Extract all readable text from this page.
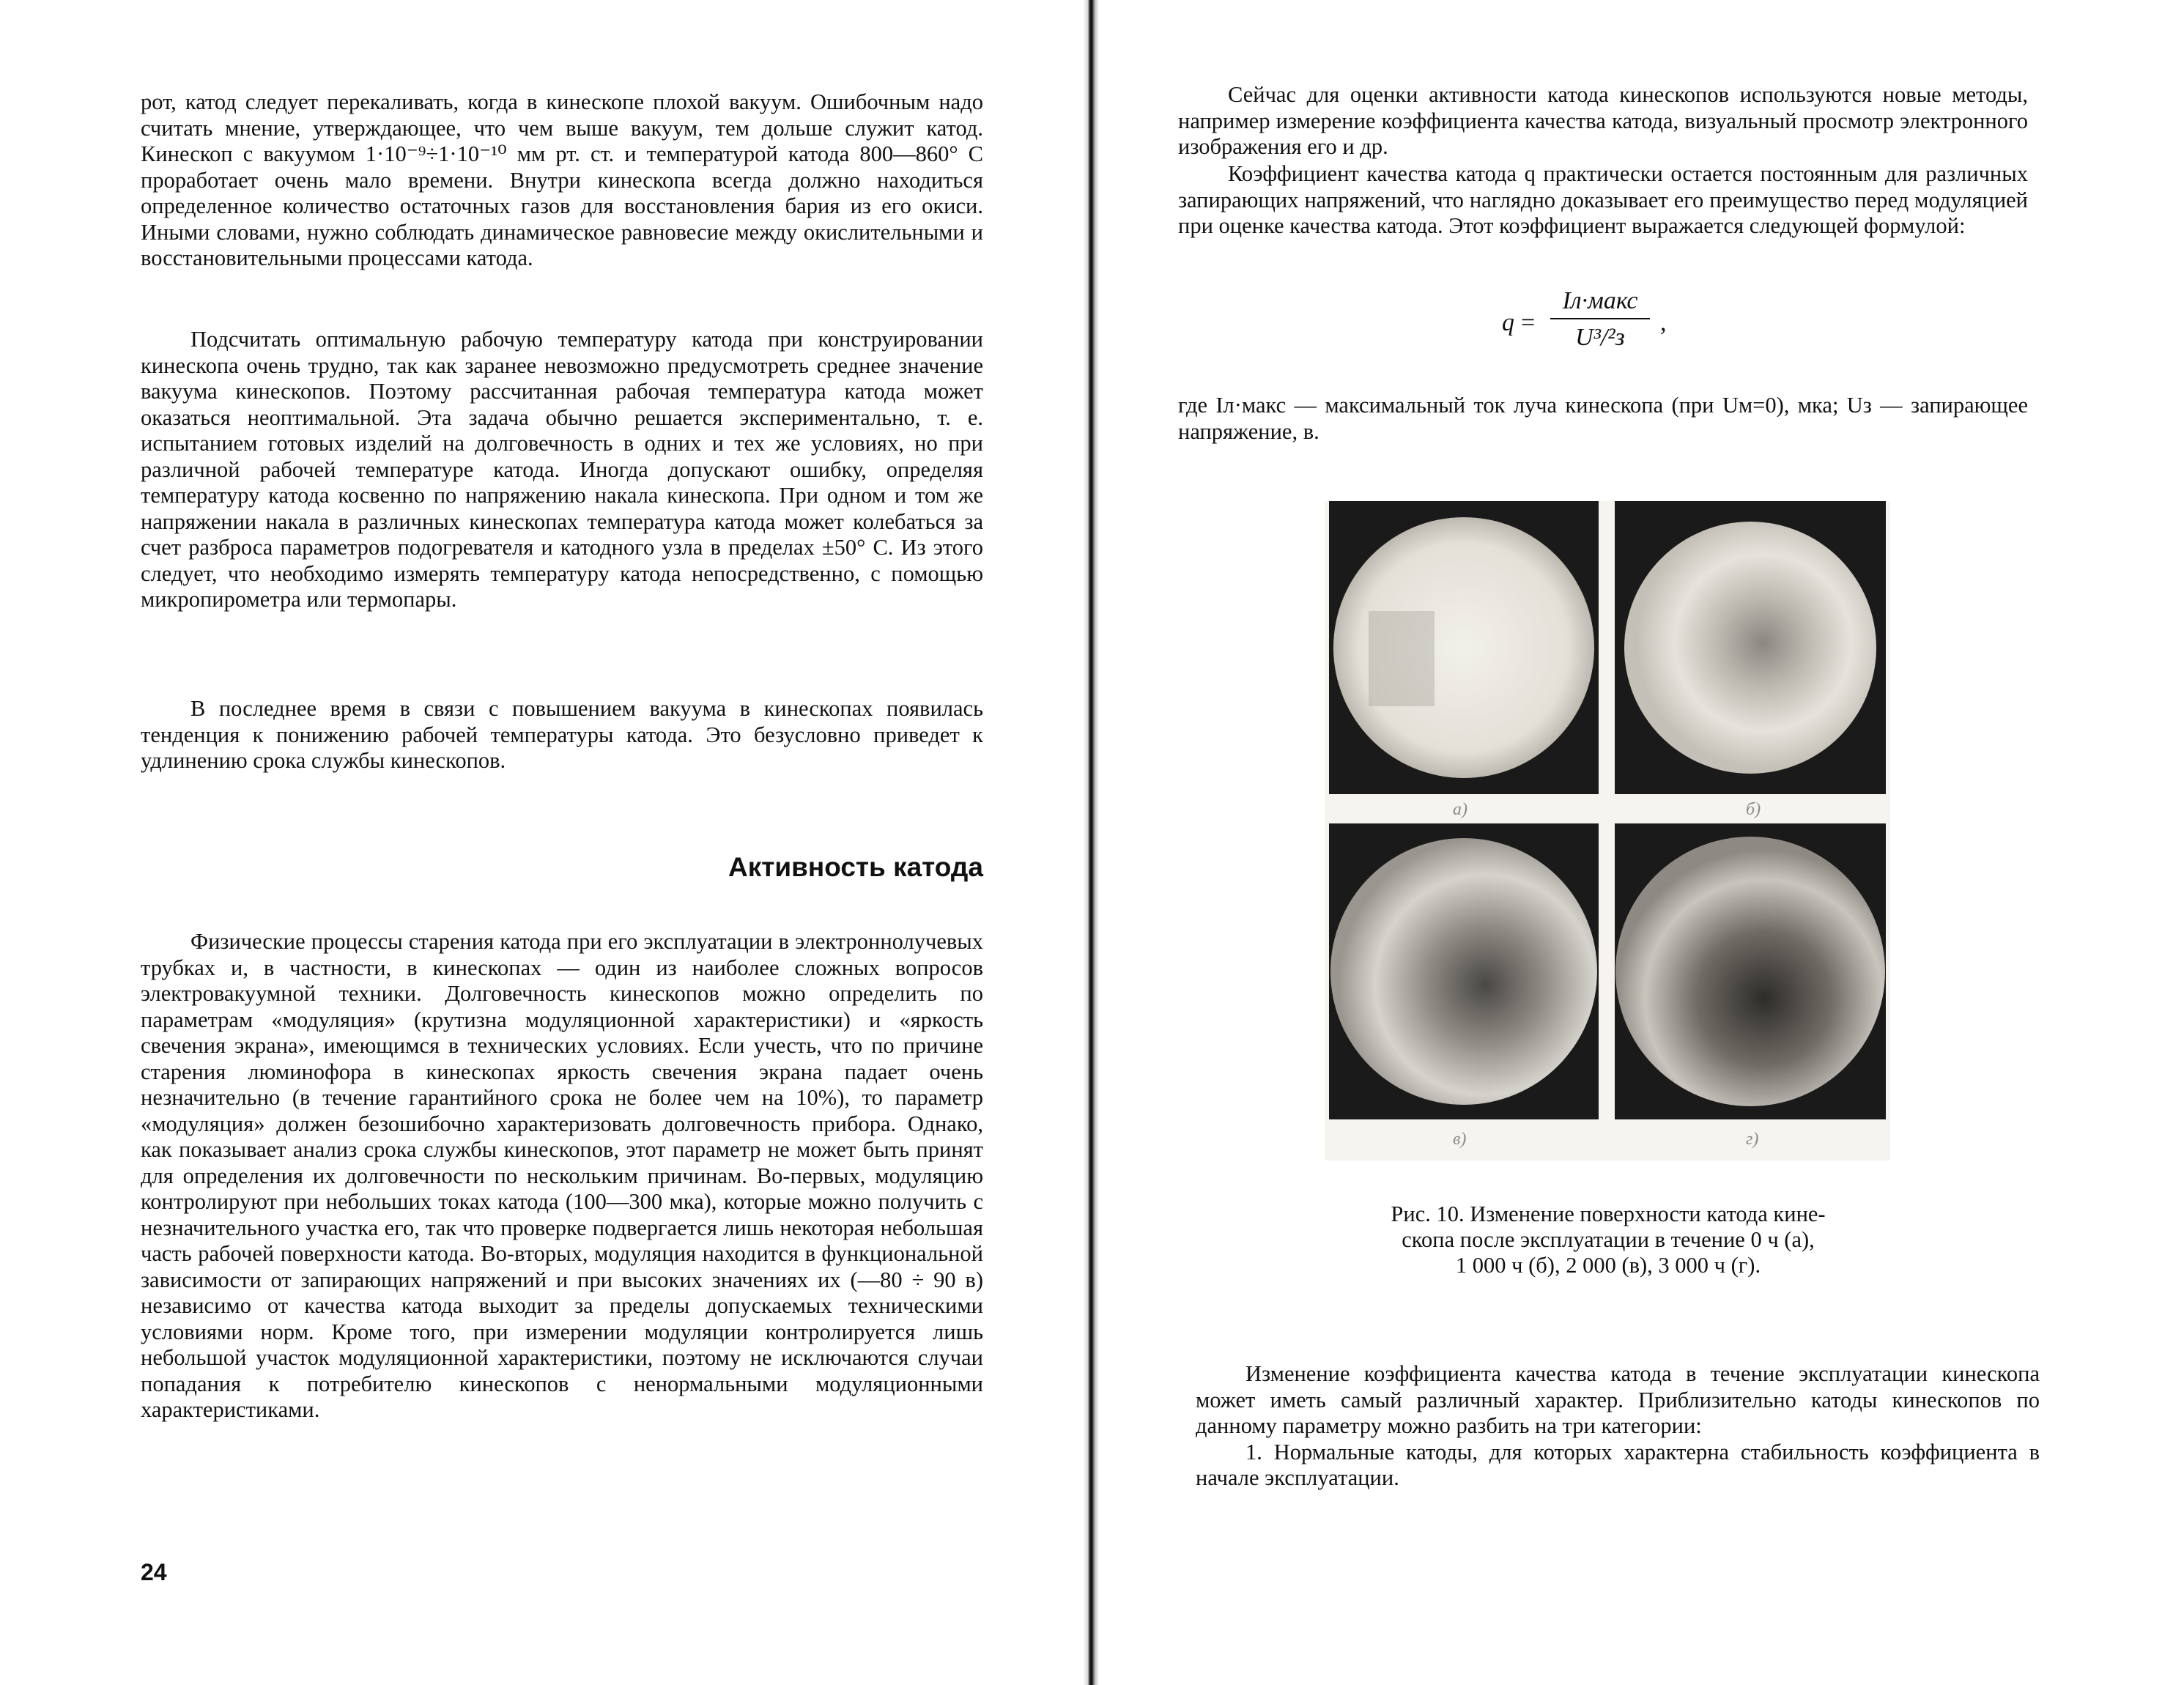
рот, катод следует перекаливать, когда в кинескопе плохой вакуум. Ошибочным надо считать мнение, утверждающее, что чем выше вакуум, тем дольше служит катод. Кинескоп с вакуумом 1·10⁻⁹÷1·10⁻¹⁰ мм рт. ст. и температурой катода 800—860° С проработает очень мало времени. Внутри кинескопа всегда должно находиться определенное количество остаточных газов для восстановления бария из его окиси. Иными словами, нужно соблюдать динамическое равновесие между окислительными и восстановительными процессами катода.

Подсчитать оптимальную рабочую температуру катода при конструировании кинескопа очень трудно, так как заранее невозможно предусмотреть среднее значение вакуума кинескопов. Поэтому рассчитанная рабочая температура катода может оказаться неоптимальной. Эта задача обычно решается экспериментально, т. е. испытанием готовых изделий на долговечность в одних и тех же условиях, но при различной рабочей температуре катода. Иногда допускают ошибку, определяя температуру катода косвенно по напряжению накала кинескопа. При одном и том же напряжении накала в различных кинескопах температура катода может колебаться за счет разброса параметров подогревателя и катодного узла в пределах ±50° С. Из этого следует, что необходимо измерять температуру катода непосредственно, с помощью микропирометра или термопары.

В последнее время в связи с повышением вакуума в кинескопах появилась тенденция к понижению рабочей температуры катода. Это безусловно приведет к удлинению срока службы кинескопов.

Активность катода

Физические процессы старения катода при его эксплуатации в электроннолучевых трубках и, в частности, в кинескопах — один из наиболее сложных вопросов электровакуумной техники. Долговечность кинескопов можно определить по параметрам «модуляция» (крутизна модуляционной характеристики) и «яркость свечения экрана», имеющимся в технических условиях. Если учесть, что по причине старения люминофора в кинескопах яркость свечения экрана падает очень незначительно (в течение гарантийного срока не более чем на 10%), то параметр «модуляция» должен безошибочно характеризовать долговечность прибора. Однако, как показывает анализ срока службы кинескопов, этот параметр не может быть принят для определения их долговечности по нескольким причинам. Во-первых, модуляцию контролируют при небольших токах катода (100—300 мка), которые можно получить с незначительного участка его, так что проверке подвергается лишь некоторая небольшая часть рабочей поверхности катода. Во-вторых, модуляция находится в функциональной зависимости от запирающих напряжений и при высоких значениях их (—80 ÷ 90 в) независимо от качества катода выходит за пределы допускаемых техническими условиями норм. Кроме того, при измерении модуляции контролируется лишь небольшой участок модуляционной характеристики, поэтому не исключаются случаи попадания к потребителю кинескопов с ненормальными модуляционными характеристиками.

24

Сейчас для оценки активности катода кинескопов используются новые методы, например измерение коэффициента качества катода, визуальный просмотр электронного изображения его и др.

Коэффициент качества катода q практически остается постоянным для различных запирающих напряжений, что наглядно доказывает его преимущество перед модуляцией при оценке качества катода. Этот коэффициент выражается следующей формулой:

q =
Iл·макс
U³/²з
,

где Iл·макс — максимальный ток луча кинескопа (при Uм=0), мка; Uз — запирающее напряжение, в.

а)	б)
в)	г)
Рис. 10. Изменение поверхности катода кине-
скопа после эксплуатации в течение 0 ч (а),
1 000 ч (б), 2 000 (в), 3 000 ч (г).

Изменение коэффициента качества катода в течение эксплуатации кинескопа может иметь самый различный характер. Приблизительно катоды кинескопов по данному параметру можно разбить на три категории:

1. Нормальные катоды, для которых характерна стабильность коэффициента в начале эксплуатации.
